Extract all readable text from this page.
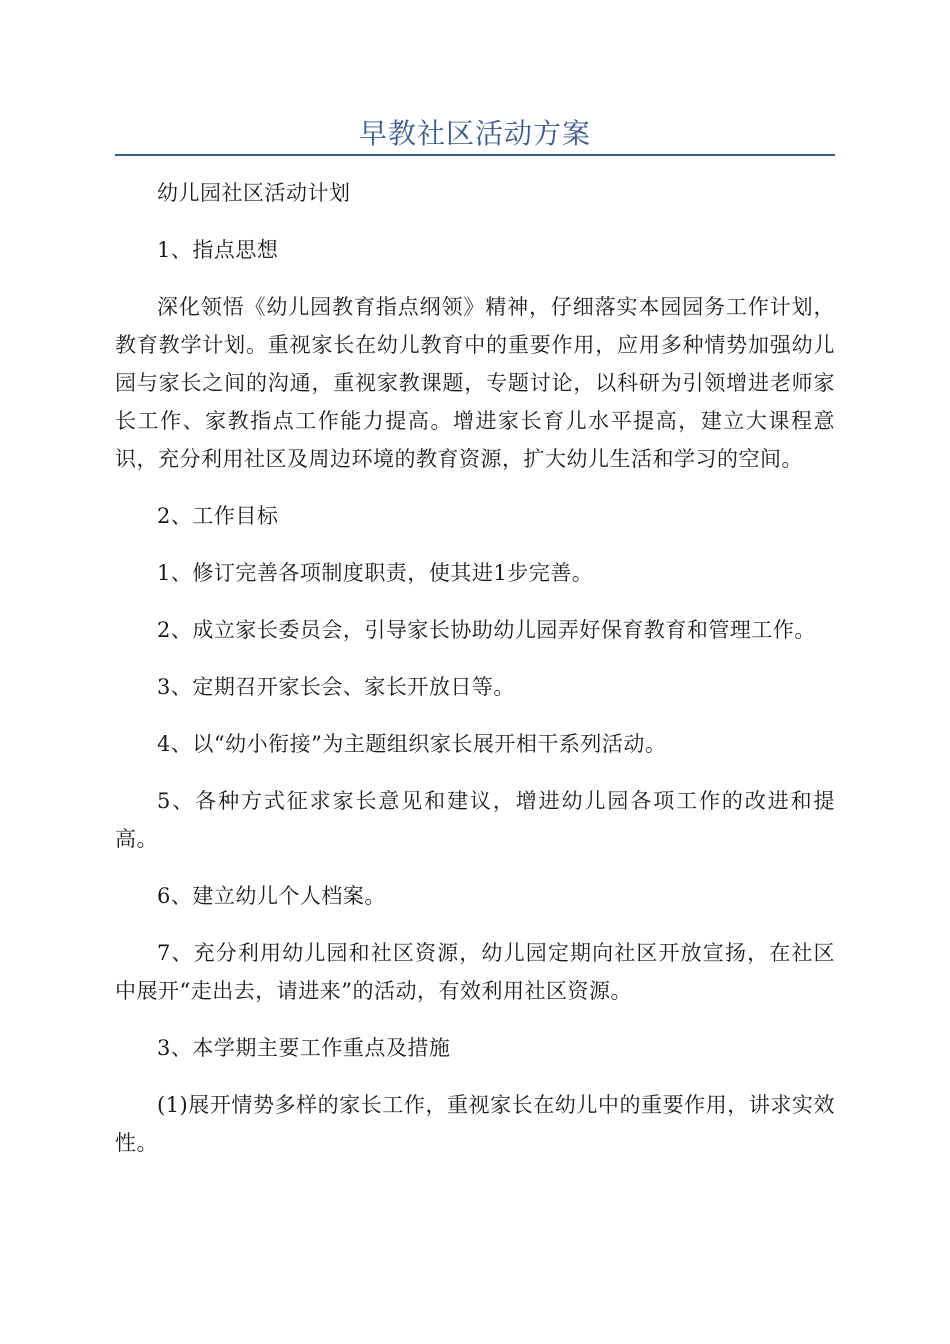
早教社区活动方案

幼儿园社区活动计划

1、指点思想

深化领悟《幼儿园教育指点纲领》精神，仔细落实本园园务工作计划，教育教学计划。重视家长在幼儿教育中的重要作用，应用多种情势加强幼儿园与家长之间的沟通，重视家教课题，专题讨论，以科研为引领增进老师家长工作、家教指点工作能力提高。增进家长育儿水平提高，建立大课程意识，充分利用社区及周边环境的教育资源，扩大幼儿生活和学习的空间。

2、工作目标

1、修订完善各项制度职责，使其进1步完善。

2、成立家长委员会，引导家长协助幼儿园弄好保育教育和管理工作。

3、定期召开家长会、家长开放日等。

4、以“幼小衔接”为主题组织家长展开相干系列活动。

5、各种方式征求家长意见和建议，增进幼儿园各项工作的改进和提高。

6、建立幼儿个人档案。

7、充分利用幼儿园和社区资源，幼儿园定期向社区开放宣扬，在社区中展开“走出去，请进来”的活动，有效利用社区资源。

3、本学期主要工作重点及措施

(1)展开情势多样的家长工作，重视家长在幼儿中的重要作用，讲求实效性。
